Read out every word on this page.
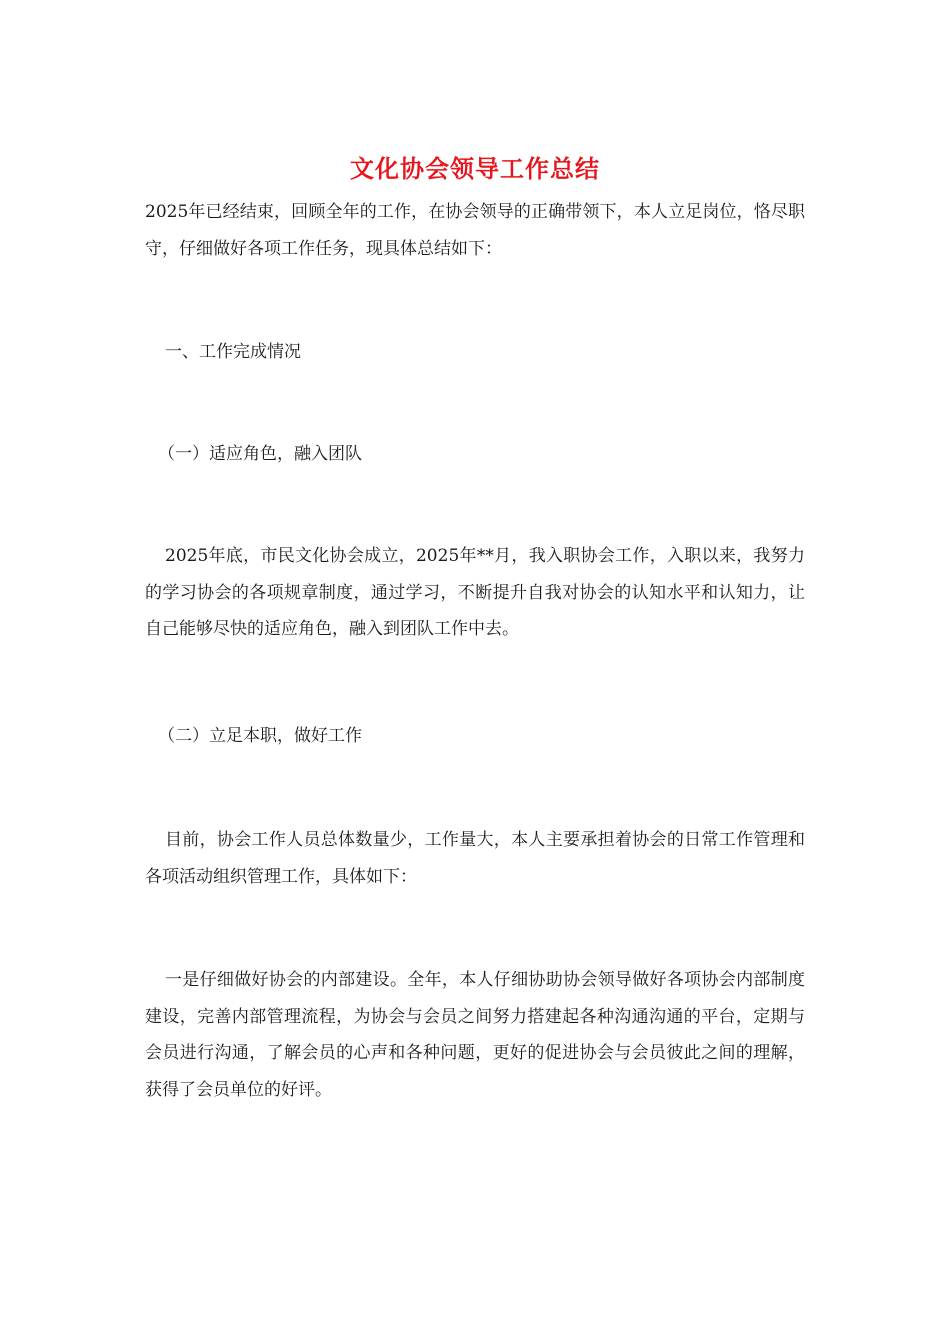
文化协会领导工作总结

2025年已经结束，回顾全年的工作，在协会领导的正确带领下，本人立足岗位，恪尽职守，仔细做好各项工作任务，现具体总结如下：

一、工作完成情况

（一）适应角色，融入团队

2025年底，市民文化协会成立，2025年**月，我入职协会工作，入职以来，我努力的学习协会的各项规章制度，通过学习，不断提升自我对协会的认知水平和认知力，让自己能够尽快的适应角色，融入到团队工作中去。

（二）立足本职，做好工作

目前，协会工作人员总体数量少，工作量大，本人主要承担着协会的日常工作管理和各项活动组织管理工作，具体如下：

一是仔细做好协会的内部建设。全年，本人仔细协助协会领导做好各项协会内部制度建设，完善内部管理流程，为协会与会员之间努力搭建起各种沟通沟通的平台，定期与会员进行沟通，了解会员的心声和各种问题，更好的促进协会与会员彼此之间的理解，获得了会员单位的好评。
